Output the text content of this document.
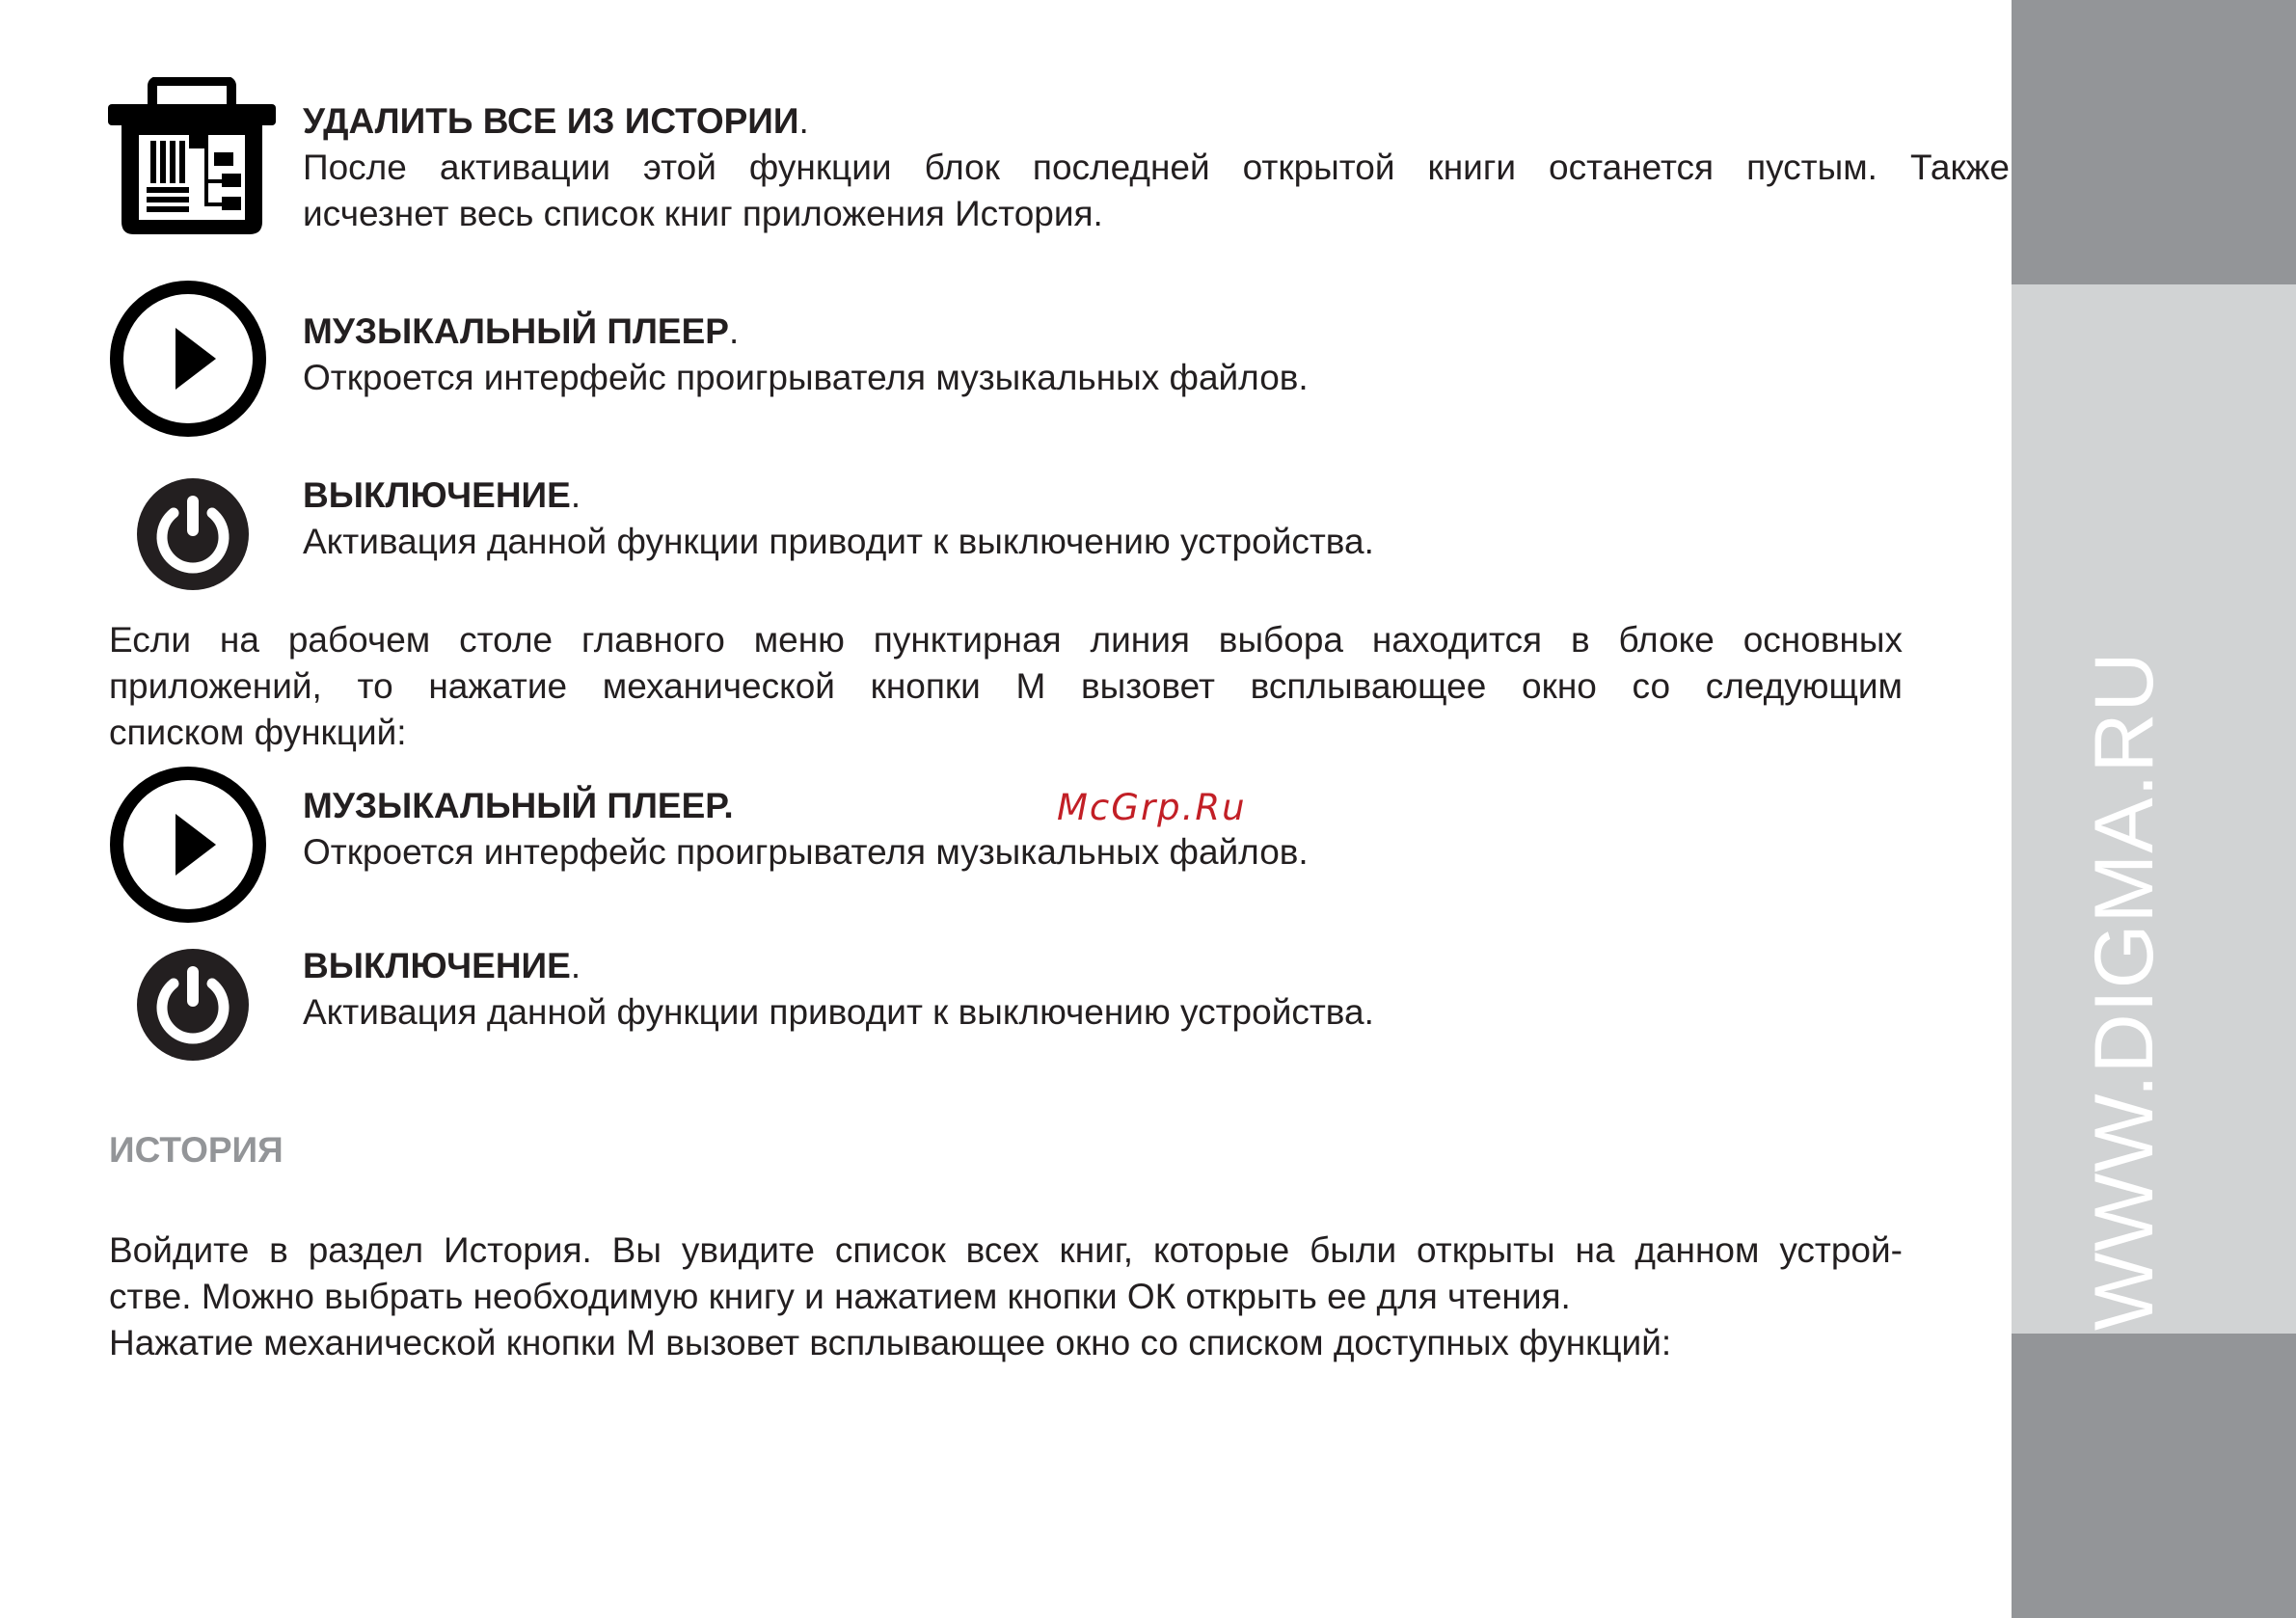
WWW.DIGMA.RU
УДАЛИТЬ ВСЕ ИЗ ИСТОРИИ.
После активации этой функции блок последней открытой книги останется пустым. Также
исчезнет весь список книг приложения История.
МУЗЫКАЛЬНЫЙ ПЛЕЕР.
Откроется интерфейс проигрывателя музыкальных файлов.
ВЫКЛЮЧЕНИЕ.
Активация данной функции приводит к выключению устройства.
Если на рабочем столе главного меню пунктирная линия выбора находится в блоке основных
приложений, то нажатие механической кнопки М вызовет всплывающее окно со следующим
списком функций:
МУЗЫКАЛЬНЫЙ ПЛЕЕР.
Откроется интерфейс проигрывателя музыкальных файлов.
McGrp.Ru
ВЫКЛЮЧЕНИЕ.
Активация данной функции приводит к выключению устройства.
ИСТОРИЯ
Войдите в раздел История. Вы увидите список всех книг, которые были открыты на данном устрой-
стве. Можно выбрать необходимую книгу и нажатием кнопки ОК открыть ее для чтения.
Нажатие механической кнопки М вызовет всплывающее окно со списком доступных функций:
